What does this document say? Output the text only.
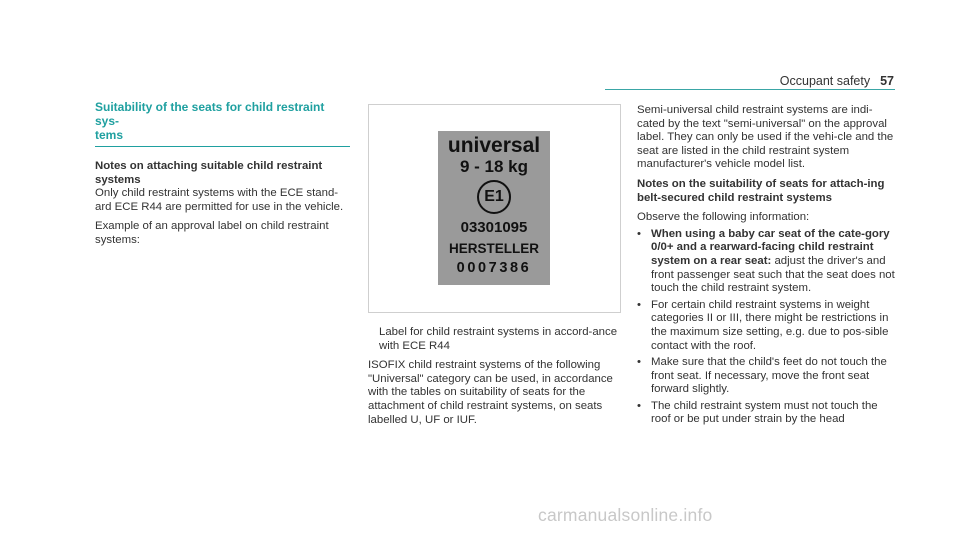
Occupant safety 57

Suitability of the seats for child restraint sys-
tems

Notes on attaching suitable child restraint systems

Only child restraint systems with the ECE stand-ard ECE R44 are permitted for use in the vehicle.

Example of an approval label on child restraint systems:

universal
9 - 18 kg
E1
03301095
HERSTELLER
0007386

Label for child restraint systems in accord-ance with ECE R44

ISOFIX child restraint systems of the following "Universal" category can be used, in accordance with the tables on suitability of seats for the attachment of child restraint systems, on seats labelled U, UF or IUF.

Semi-universal child restraint systems are indi-cated by the text "semi-universal" on the approval label. They can only be used if the vehi-cle and the seat are listed in the child restraint system manufacturer's vehicle model list.

Notes on the suitability of seats for attach-ing belt-secured child restraint systems

Observe the following information:

• When using a baby car seat of the cate-gory 0/0+ and a rearward-facing child restraint system on a rear seat: adjust the driver's and front passenger seat such that the seat does not touch the child restraint system.
• For certain child restraint systems in weight categories II or III, there might be restrictions in the maximum size setting, e.g. due to pos-sible contact with the roof.
• Make sure that the child's feet do not touch the front seat. If necessary, move the front seat forward slightly.
• The child restraint system must not touch the roof or be put under strain by the head
carmanualsonline.info
